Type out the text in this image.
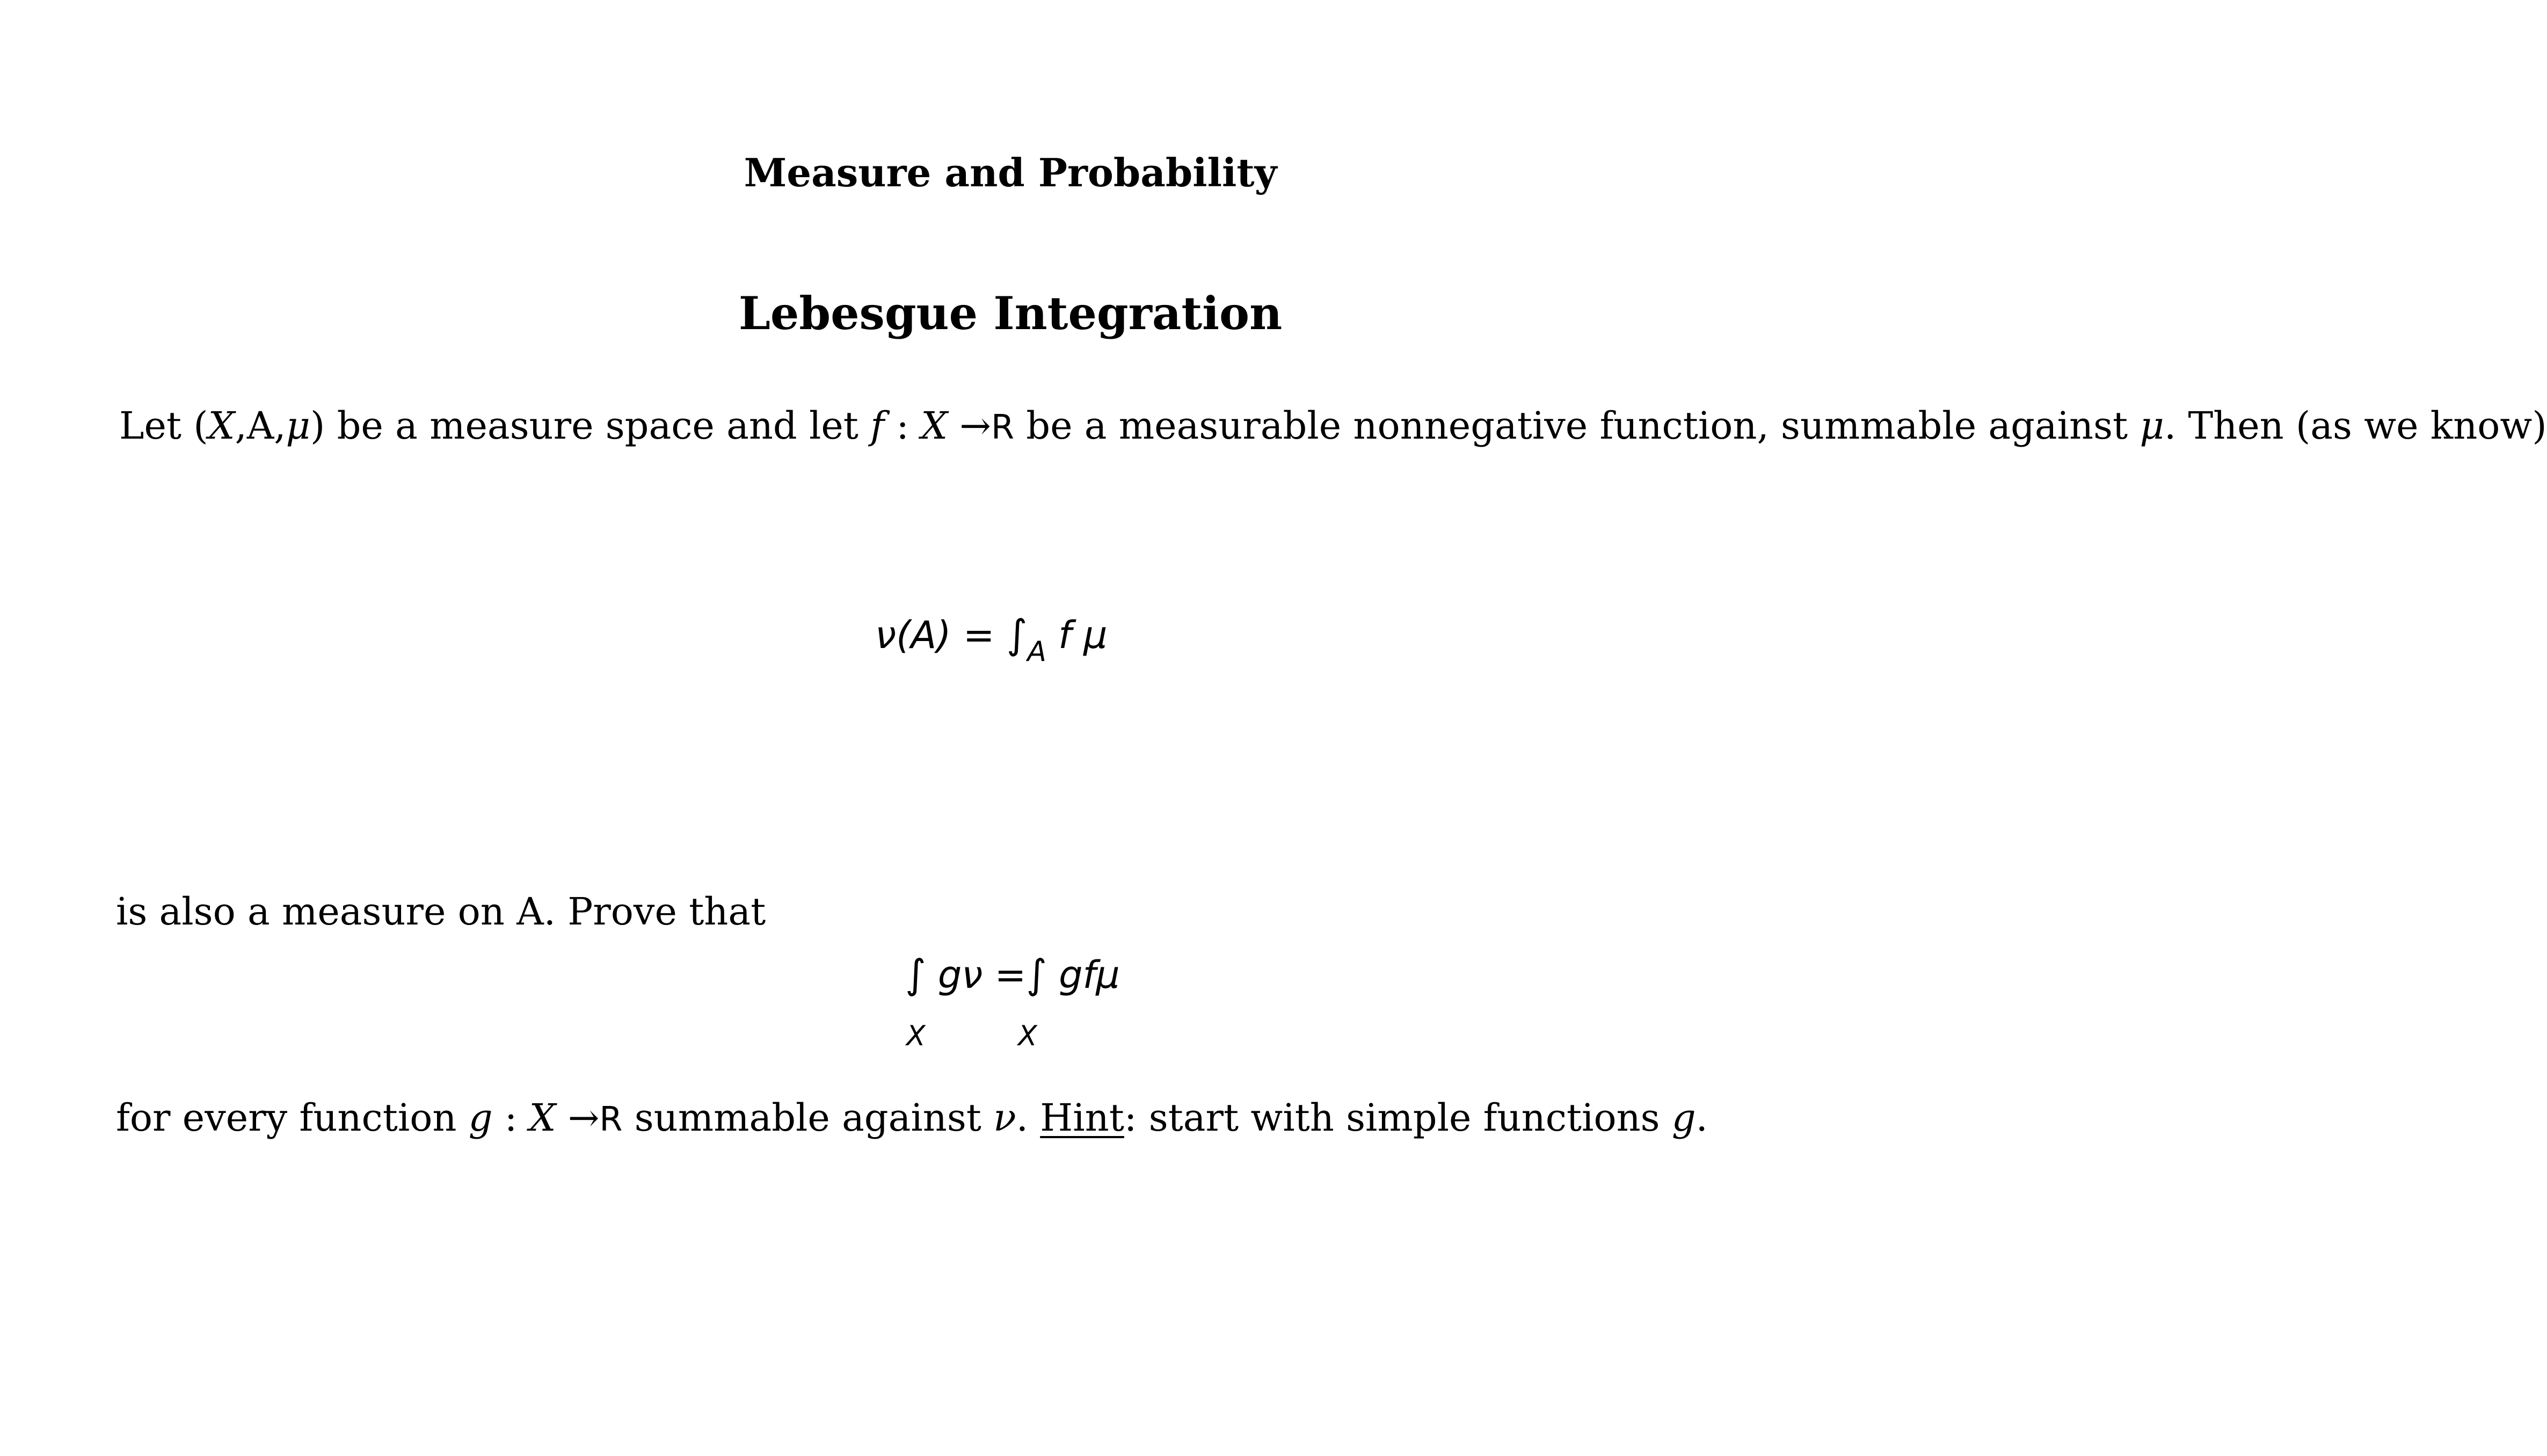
Measure and Probability
Lebesgue Integration
Let (X,A,μ) be a measure space and let f : X →R be a measurable nonnegative function, summable against μ. Then (as we know)
$\nu(A) = \int_A$ f μ
is also a measure on A. Prove that
∫ gν =∫ gfμ
X	X
for every function g : X →R summable against ν. Hint: start with simple functions g.
